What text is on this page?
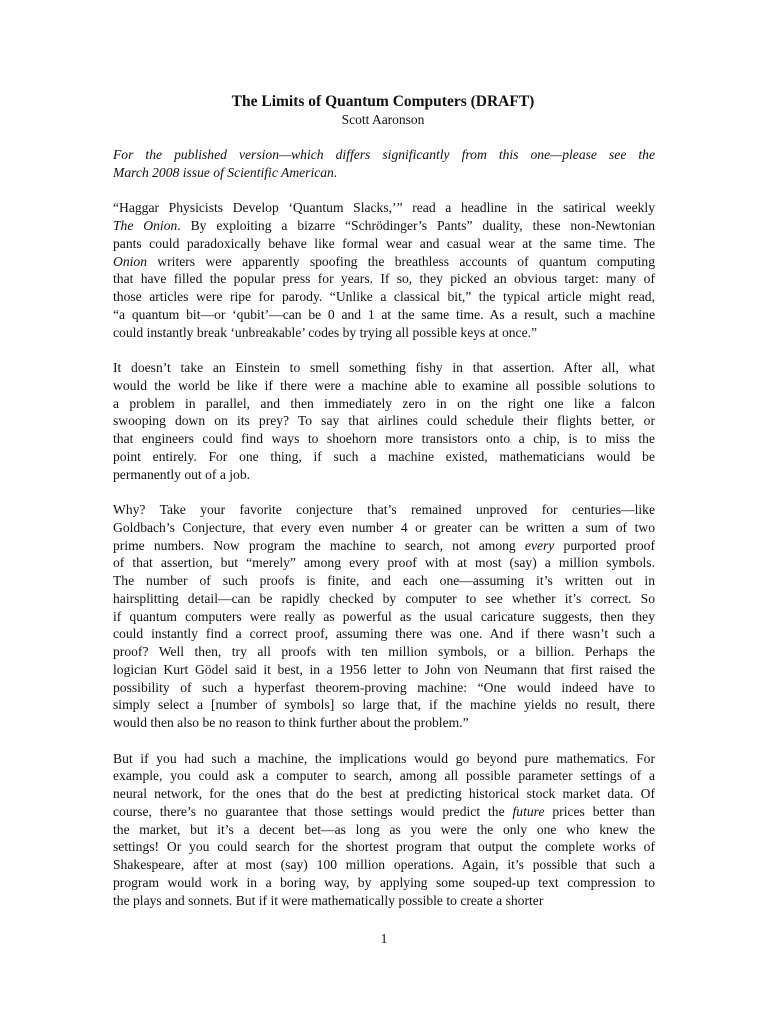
The Limits of Quantum Computers (DRAFT)
Scott Aaronson
For the published version—which differs significantly from this one—please see the
March 2008 issue of Scientific American.
“Haggar Physicists Develop ‘Quantum Slacks,’” read a headline in the satirical weekly
The Onion. By exploiting a bizarre “Schrödinger’s Pants” duality, these non-Newtonian
pants could paradoxically behave like formal wear and casual wear at the same time. The
Onion writers were apparently spoofing the breathless accounts of quantum computing
that have filled the popular press for years. If so, they picked an obvious target: many of
those articles were ripe for parody. “Unlike a classical bit,” the typical article might read,
“a quantum bit—or ‘qubit’—can be 0 and 1 at the same time. As a result, such a machine
could instantly break ‘unbreakable’ codes by trying all possible keys at once.”
It doesn’t take an Einstein to smell something fishy in that assertion. After all, what
would the world be like if there were a machine able to examine all possible solutions to
a problem in parallel, and then immediately zero in on the right one like a falcon
swooping down on its prey? To say that airlines could schedule their flights better, or
that engineers could find ways to shoehorn more transistors onto a chip, is to miss the
point entirely. For one thing, if such a machine existed, mathematicians would be
permanently out of a job.
Why? Take your favorite conjecture that’s remained unproved for centuries—like
Goldbach’s Conjecture, that every even number 4 or greater can be written a sum of two
prime numbers. Now program the machine to search, not among every purported proof
of that assertion, but “merely” among every proof with at most (say) a million symbols.
The number of such proofs is finite, and each one—assuming it’s written out in
hairsplitting detail—can be rapidly checked by computer to see whether it’s correct. So
if quantum computers were really as powerful as the usual caricature suggests, then they
could instantly find a correct proof, assuming there was one. And if there wasn’t such a
proof? Well then, try all proofs with ten million symbols, or a billion. Perhaps the
logician Kurt Gödel said it best, in a 1956 letter to John von Neumann that first raised the
possibility of such a hyperfast theorem-proving machine: “One would indeed have to
simply select a [number of symbols] so large that, if the machine yields no result, there
would then also be no reason to think further about the problem.”
But if you had such a machine, the implications would go beyond pure mathematics. For
example, you could ask a computer to search, among all possible parameter settings of a
neural network, for the ones that do the best at predicting historical stock market data. Of
course, there’s no guarantee that those settings would predict the future prices better than
the market, but it’s a decent bet—as long as you were the only one who knew the
settings! Or you could search for the shortest program that output the complete works of
Shakespeare, after at most (say) 100 million operations. Again, it’s possible that such a
program would work in a boring way, by applying some souped-up text compression to
the plays and sonnets. But if it were mathematically possible to create a shorter
1
